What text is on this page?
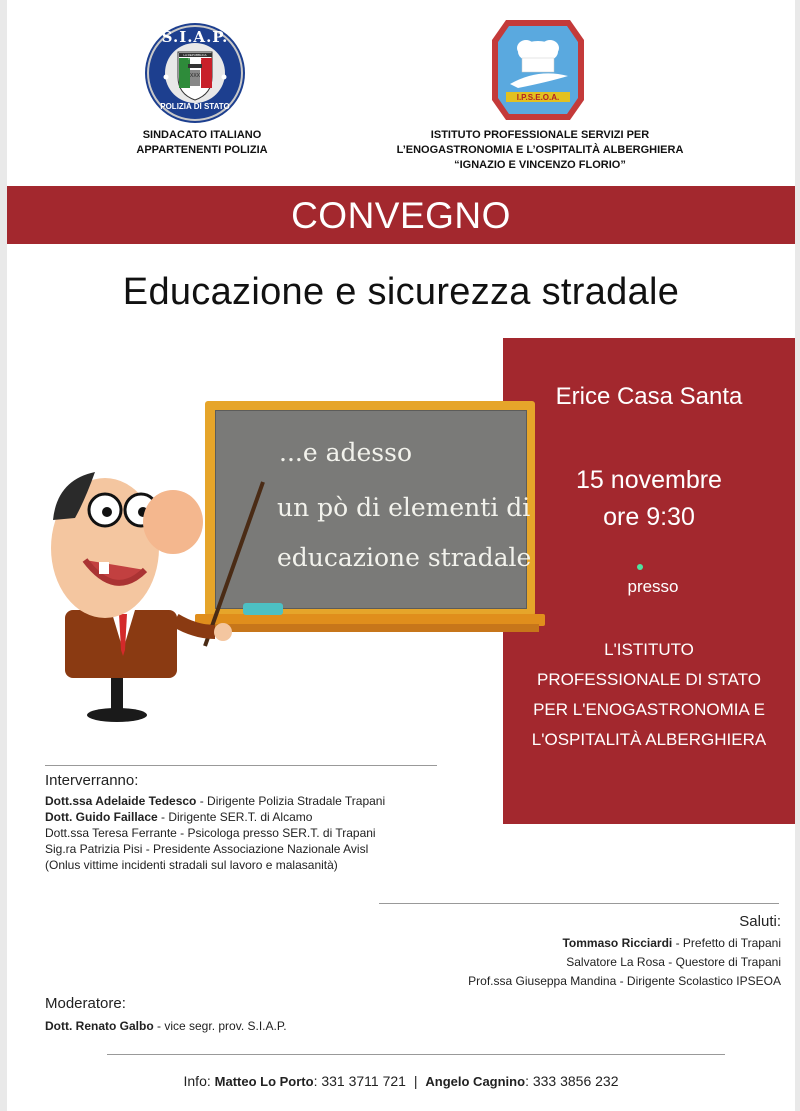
S.I.A.P.
POLIZIA DI STATO
LA REPUBBLICA ITALIANA
XXX
SINDACATO ITALIANO
APPARTENENTI POLIZIA
I.P.S.E.O.A.
ISTITUTO PROFESSIONALE SERVIZI PER
L’ENOGASTRONOMIA E L’OSPITALITÀ ALBERGHIERA
“IGNAZIO E VINCENZO FLORIO”
CONVEGNO
Educazione e sicurezza stradale
Erice Casa Santa
15 novembre
ore 9:30
presso
L'ISTITUTO
PROFESSIONALE DI STATO
PER L'ENOGASTRONOMIA E
L'OSPITALITÀ ALBERGHIERA
...e adesso
un pò di elementi di
educazione stradale
Interverranno:
Dott.ssa Adelaide Tedesco - Dirigente Polizia Stradale Trapani
Dott. Guido Faillace - Dirigente SER.T. di Alcamo
Dott.ssa Teresa Ferrante - Psicologa presso SER.T. di Trapani
Sig.ra Patrizia Pisi - Presidente Associazione Nazionale Avisl
(Onlus vittime incidenti stradali sul lavoro e malasanità)
Saluti:
Tommaso Ricciardi - Prefetto di Trapani
Salvatore La Rosa - Questore di Trapani
Prof.ssa Giuseppa Mandina - Dirigente Scolastico IPSEOA
Moderatore:
Dott. Renato Galbo - vice segr. prov. S.I.A.P.
Info: Matteo Lo Porto: 331 3711 721 | Angelo Cagnino: 333 3856 232
